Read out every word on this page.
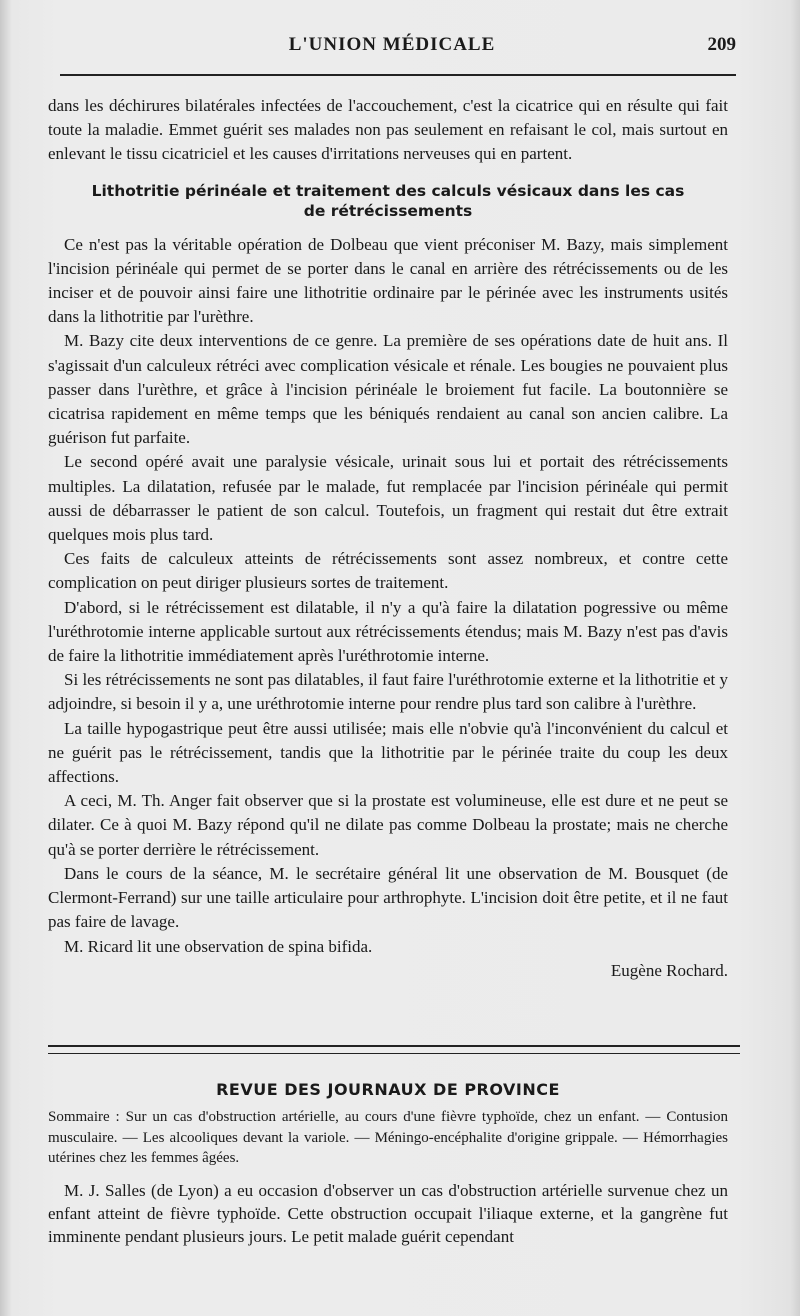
L'UNION MÉDICALE	209

dans les déchirures bilatérales infectées de l'accouchement, c'est la cicatrice qui en résulte qui fait toute la maladie. Emmet guérit ses malades non pas seulement en refaisant le col, mais surtout en enlevant le tissu cicatriciel et les causes d'irritations nerveuses qui en partent.

Lithotritie périnéale et traitement des calculs vésicaux dans les cas
de rétrécissements

Ce n'est pas la véritable opération de Dolbeau que vient préconiser M. Bazy, mais simplement l'incision périnéale qui permet de se porter dans le canal en arrière des rétrécissements ou de les inciser et de pouvoir ainsi faire une lithotritie ordinaire par le périnée avec les instruments usités dans la lithotritie par l'urèthre.

M. Bazy cite deux interventions de ce genre. La première de ses opérations date de huit ans. Il s'agissait d'un calculeux rétréci avec complication vésicale et rénale. Les bougies ne pouvaient plus passer dans l'urèthre, et grâce à l'incision périnéale le broiement fut facile. La boutonnière se cicatrisa rapidement en même temps que les béniqués rendaient au canal son ancien calibre. La guérison fut parfaite.

Le second opéré avait une paralysie vésicale, urinait sous lui et portait des rétrécissements multiples. La dilatation, refusée par le malade, fut remplacée par l'incision périnéale qui permit aussi de débarrasser le patient de son calcul. Toutefois, un fragment qui restait dut être extrait quelques mois plus tard.

Ces faits de calculeux atteints de rétrécissements sont assez nombreux, et contre cette complication on peut diriger plusieurs sortes de traitement.

D'abord, si le rétrécissement est dilatable, il n'y a qu'à faire la dilatation pogressive ou même l'uréthrotomie interne applicable surtout aux rétrécissements étendus; mais M. Bazy n'est pas d'avis de faire la lithotritie immédiatement après l'uréthrotomie interne.

Si les rétrécissements ne sont pas dilatables, il faut faire l'uréthrotomie externe et la lithotritie et y adjoindre, si besoin il y a, une uréthrotomie interne pour rendre plus tard son calibre à l'urèthre.

La taille hypogastrique peut être aussi utilisée; mais elle n'obvie qu'à l'inconvénient du calcul et ne guérit pas le rétrécissement, tandis que la lithotritie par le périnée traite du coup les deux affections.

A ceci, M. Th. Anger fait observer que si la prostate est volumineuse, elle est dure et ne peut se dilater. Ce à quoi M. Bazy répond qu'il ne dilate pas comme Dolbeau la prostate; mais ne cherche qu'à se porter derrière le rétrécissement.

Dans le cours de la séance, M. le secrétaire général lit une observation de M. Bousquet (de Clermont-Ferrand) sur une taille articulaire pour arthrophyte. L'incision doit être petite, et il ne faut pas faire de lavage.

M. Ricard lit une observation de spina bifida.

Eugène Rochard.

REVUE DES JOURNAUX DE PROVINCE

Sommaire : Sur un cas d'obstruction artérielle, au cours d'une fièvre typhoïde, chez un enfant. — Contusion musculaire. — Les alcooliques devant la variole. — Méningo-encéphalite d'origine grippale. — Hémorrhagies utérines chez les femmes âgées.

M. J. Salles (de Lyon) a eu occasion d'observer un cas d'obstruction artérielle survenue chez un enfant atteint de fièvre typhoïde. Cette obstruction occupait l'iliaque externe, et la gangrène fut imminente pendant plusieurs jours. Le petit malade guérit cependant
